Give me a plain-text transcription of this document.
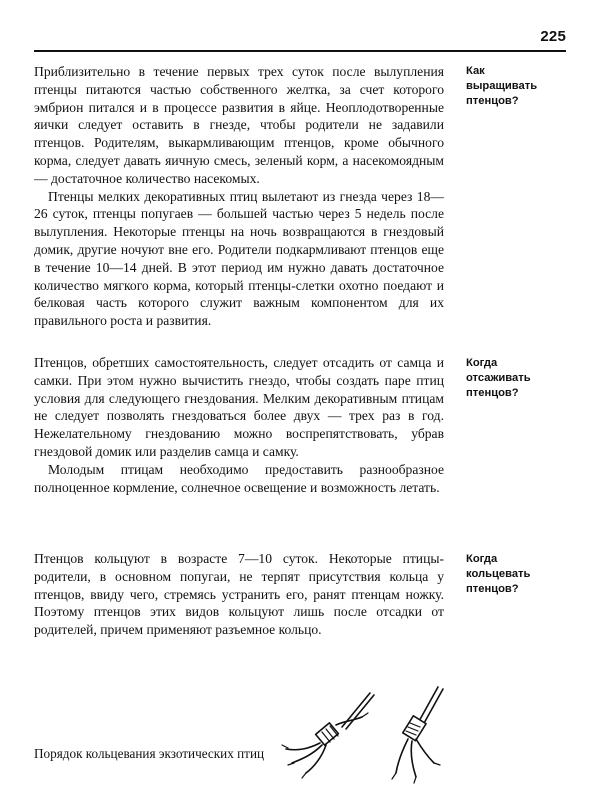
225

Приблизительно в течение первых трех суток после вылупления птенцы питаются частью собственного желтка, за счет которого эмбрион питался и в процессе развития в яйце. Неоплодотворенные яички следует оставить в гнезде, чтобы родители не задавили птенцов. Родителям, выкармливающим птенцов, кроме обычного корма, следует давать яичную смесь, зеленый корм, а насекомоядным — достаточное количество насекомых.

Птенцы мелких декоративных птиц вылетают из гнезда через 18—26 суток, птенцы попугаев — большей частью через 5 недель после вылупления. Некоторые птенцы на ночь возвращаются в гнездовый домик, другие ночуют вне его. Родители подкармливают птенцов еще в течение 10—14 дней. В этот период им нужно давать достаточное количество мягкого корма, который птенцы-слетки охотно поедают и белковая часть которого служит важным компонентом для их правильного роста и развития.

Как
выращивать
птенцов?

Птенцов, обретших самостоятельность, следует отсадить от самца и самки. При этом нужно вычистить гнездо, чтобы создать паре птиц условия для следующего гнездования. Мелким декоративным птицам не следует позволять гнездоваться более двух — трех раз в год. Нежелательному гнездованию можно воспрепятствовать, убрав гнездовой домик или разделив самца и самку.

Молодым птицам необходимо предоставить разнообразное полноценное кормление, солнечное освещение и возможность летать.

Когда
отсаживать
птенцов?

Птенцов кольцуют в возрасте 7—10 суток. Некоторые птицы-родители, в основном попугаи, не терпят присутствия кольца у птенцов, ввиду чего, стремясь устранить его, ранят птенцам ножку. Поэтому птенцов этих видов кольцуют лишь после отсадки от родителей, причем применяют разъемное кольцо.

Когда
кольцевать
птенцов?
Порядок кольцевания экзотических птиц
